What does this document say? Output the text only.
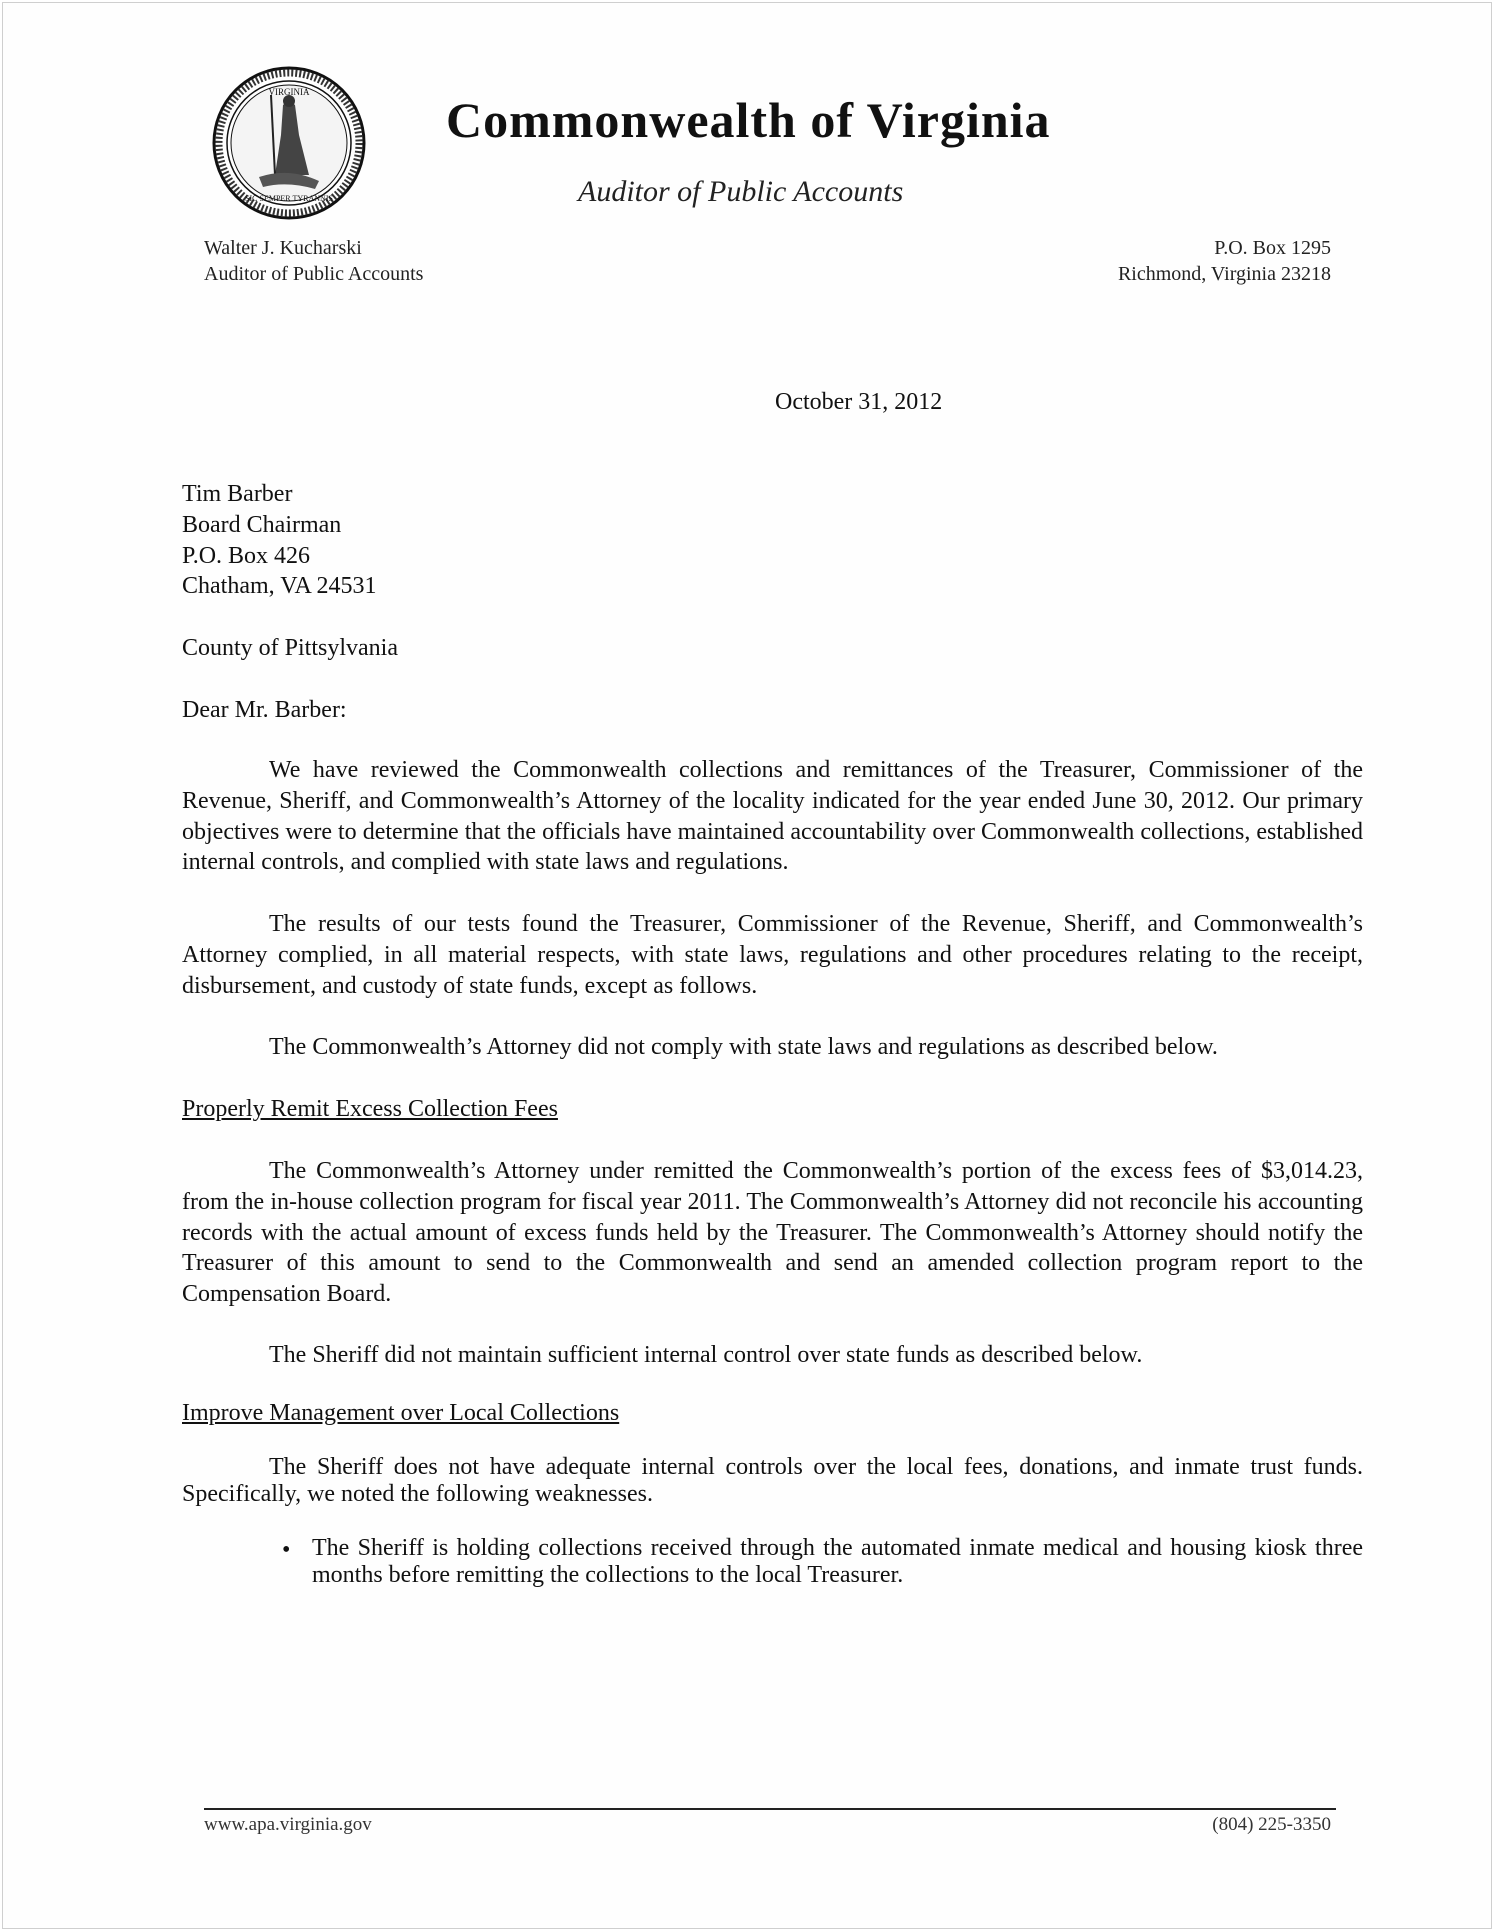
VIRGINIA
SIC SEMPER TYRANNIS
Commonwealth of Virginia
Auditor of Public Accounts
Walter J. Kucharski
Auditor of Public Accounts
P.O. Box 1295
Richmond, Virginia 23218
October 31, 2012
Tim Barber
Board Chairman
P.O. Box 426
Chatham, VA 24531
County of Pittsylvania
Dear Mr. Barber:

We have reviewed the Commonwealth collections and remittances of the Treasurer, Commissioner of the Revenue, Sheriff, and Commonwealth’s Attorney of the locality indicated for the year ended June 30, 2012. Our primary objectives were to determine that the officials have maintained accountability over Commonwealth collections, established internal controls, and complied with state laws and regulations.

The results of our tests found the Treasurer, Commissioner of the Revenue, Sheriff, and Commonwealth’s Attorney complied, in all material respects, with state laws, regulations and other procedures relating to the receipt, disbursement, and custody of state funds, except as follows.

The Commonwealth’s Attorney did not comply with state laws and regulations as described below.

Properly Remit Excess Collection Fees

The Commonwealth’s Attorney under remitted the Commonwealth’s portion of the excess fees of $3,014.23, from the in-house collection program for fiscal year 2011. The Commonwealth’s Attorney did not reconcile his accounting records with the actual amount of excess funds held by the Treasurer. The Commonwealth’s Attorney should notify the Treasurer of this amount to send to the Commonwealth and send an amended collection program report to the Compensation Board.

The Sheriff did not maintain sufficient internal control over state funds as described below.

Improve Management over Local Collections

The Sheriff does not have adequate internal controls over the local fees, donations, and inmate trust funds. Specifically, we noted the following weaknesses.

• The Sheriff is holding collections received through the automated inmate medical and housing kiosk three months before remitting the collections to the local Treasurer.
www.apa.virginia.gov	(804) 225-3350
